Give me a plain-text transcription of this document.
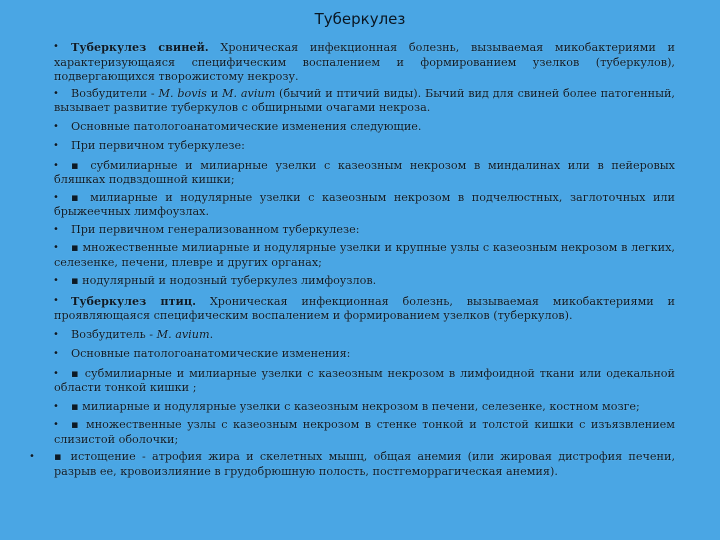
Туберкулез
•	Туберкулез свиней. Хроническая инфекционная болезнь, вызываемая микобактериями и характеризующаяся специфическим воспалением и формированием узелков (туберкулов), подвергающихся творожистому некрозу.
•	Возбудители - M. bovis и M. avium (бычий и птичий виды). Бычий вид для свиней более патогенный, вызывает развитие туберкулов с обширными очагами некроза.
•	Основные патологоанатомические изменения следующие.
•	При первичном туберкулезе:
•	▪ субмилиарные и милиарные узелки с казеозным некрозом в миндалинах или в пейеровых бляшках подвздошной кишки;
•	▪ милиарные и нодулярные узелки с казеозным некрозом в подчелюстных, заглоточных или брыжеечных лимфоузлах.
•	При первичном генерализованном туберкулезе:
•	▪ множественные милиарные и нодулярные узелки и крупные узлы с казеозным некрозом в легких, селезенке, печени, плевре и других органах;
•	▪ нодулярный и нодозный туберкулез лимфоузлов.
•	Туберкулез птиц. Хроническая инфекционная болезнь, вызываемая микобактериями и проявляющаяся специфическим воспалением и формированием узелков (туберкулов).
•	Возбудитель - M. avium.
•	Основные патологоанатомические изменения:
•	▪ субмилиарные и милиарные узелки с казеозным некрозом в лимфоидной ткани или одекальной области тонкой кишки ;
•	▪ милиарные и нодулярные узелки с казеозным некрозом в печени, селезенке, костном мозге;
•	▪ множественные узлы с казеозным некрозом в стенке тонкой и толстой кишки с изъязвлением слизистой оболочки;
• ▪ истощение - атрофия жира и скелетных мышц, общая анемия (или жировая дистрофия печени, разрыв ее, кровоизлияние в грудобрюшную полость, постгеморрагическая анемия).
